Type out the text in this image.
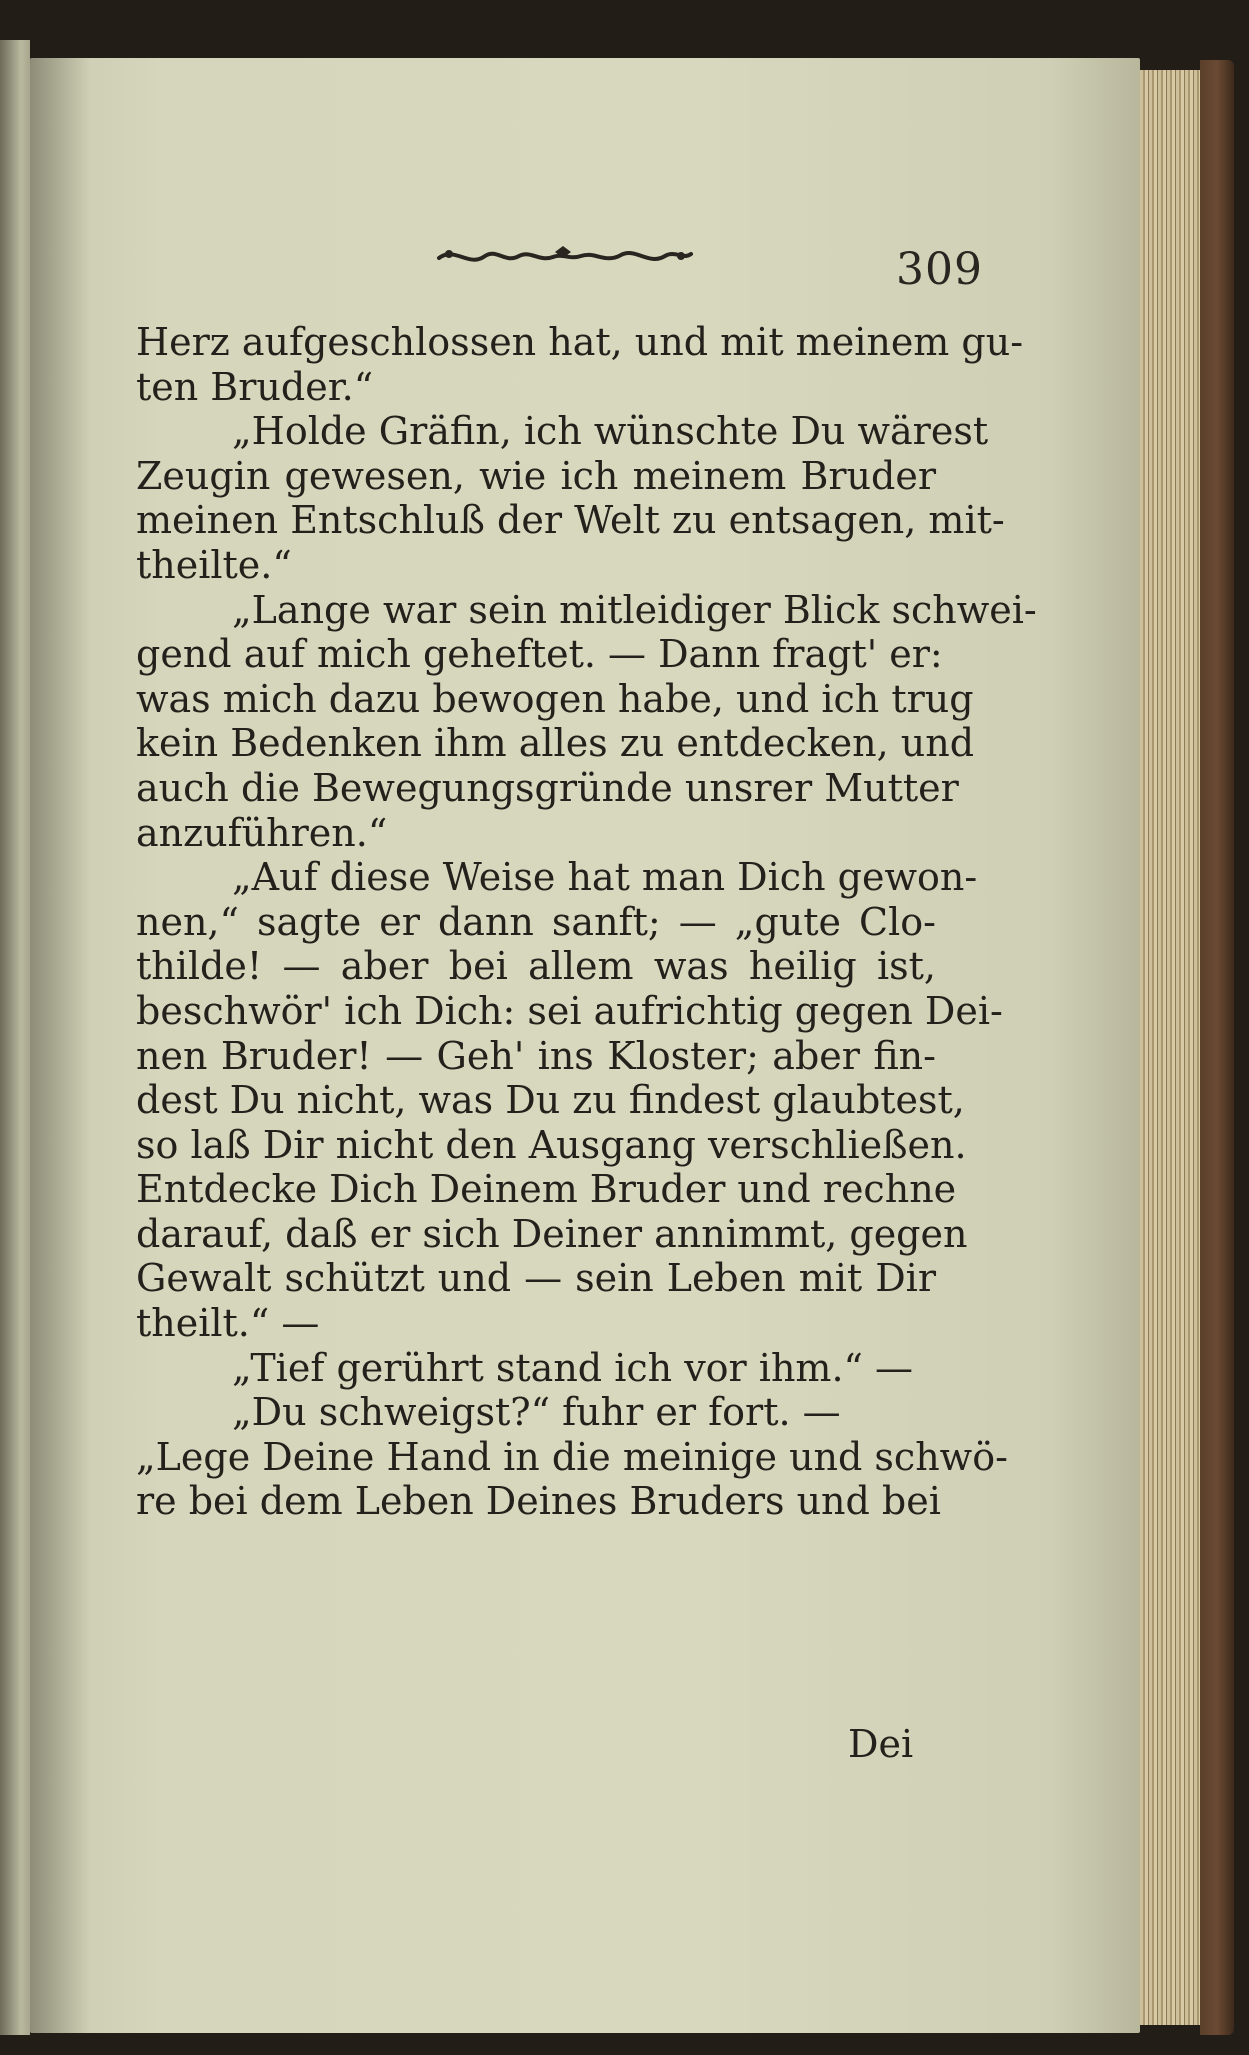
309
Herz aufgeschlossen hat, und mit meinem gu-
ten Bruder.“
„Holde Gräfin, ich wünschte Du wärest
Zeugin gewesen, wie ich meinem Bruder
meinen Entschluß der Welt zu entsagen, mit-
theilte.“
„Lange war sein mitleidiger Blick schwei-
gend auf mich geheftet. — Dann fragt' er:
was mich dazu bewogen habe, und ich trug
kein Bedenken ihm alles zu entdecken, und
auch die Bewegungsgründe unsrer Mutter
anzuführen.“
„Auf diese Weise hat man Dich gewon-
nen,“ sagte er dann sanft; — „gute Clo-
thilde! — aber bei allem was heilig ist,
beschwör' ich Dich: sei aufrichtig gegen Dei-
nen Bruder! — Geh' ins Kloster; aber fin-
dest Du nicht, was Du zu findest glaubtest,
so laß Dir nicht den Ausgang verschließen.
Entdecke Dich Deinem Bruder und rechne
darauf, daß er sich Deiner annimmt, gegen
Gewalt schützt und — sein Leben mit Dir
theilt.“ —
„Tief gerührt stand ich vor ihm.“ —
„Du schweigst?“ fuhr er fort. —
„Lege Deine Hand in die meinige und schwö-
re bei dem Leben Deines Bruders und bei
Dei
